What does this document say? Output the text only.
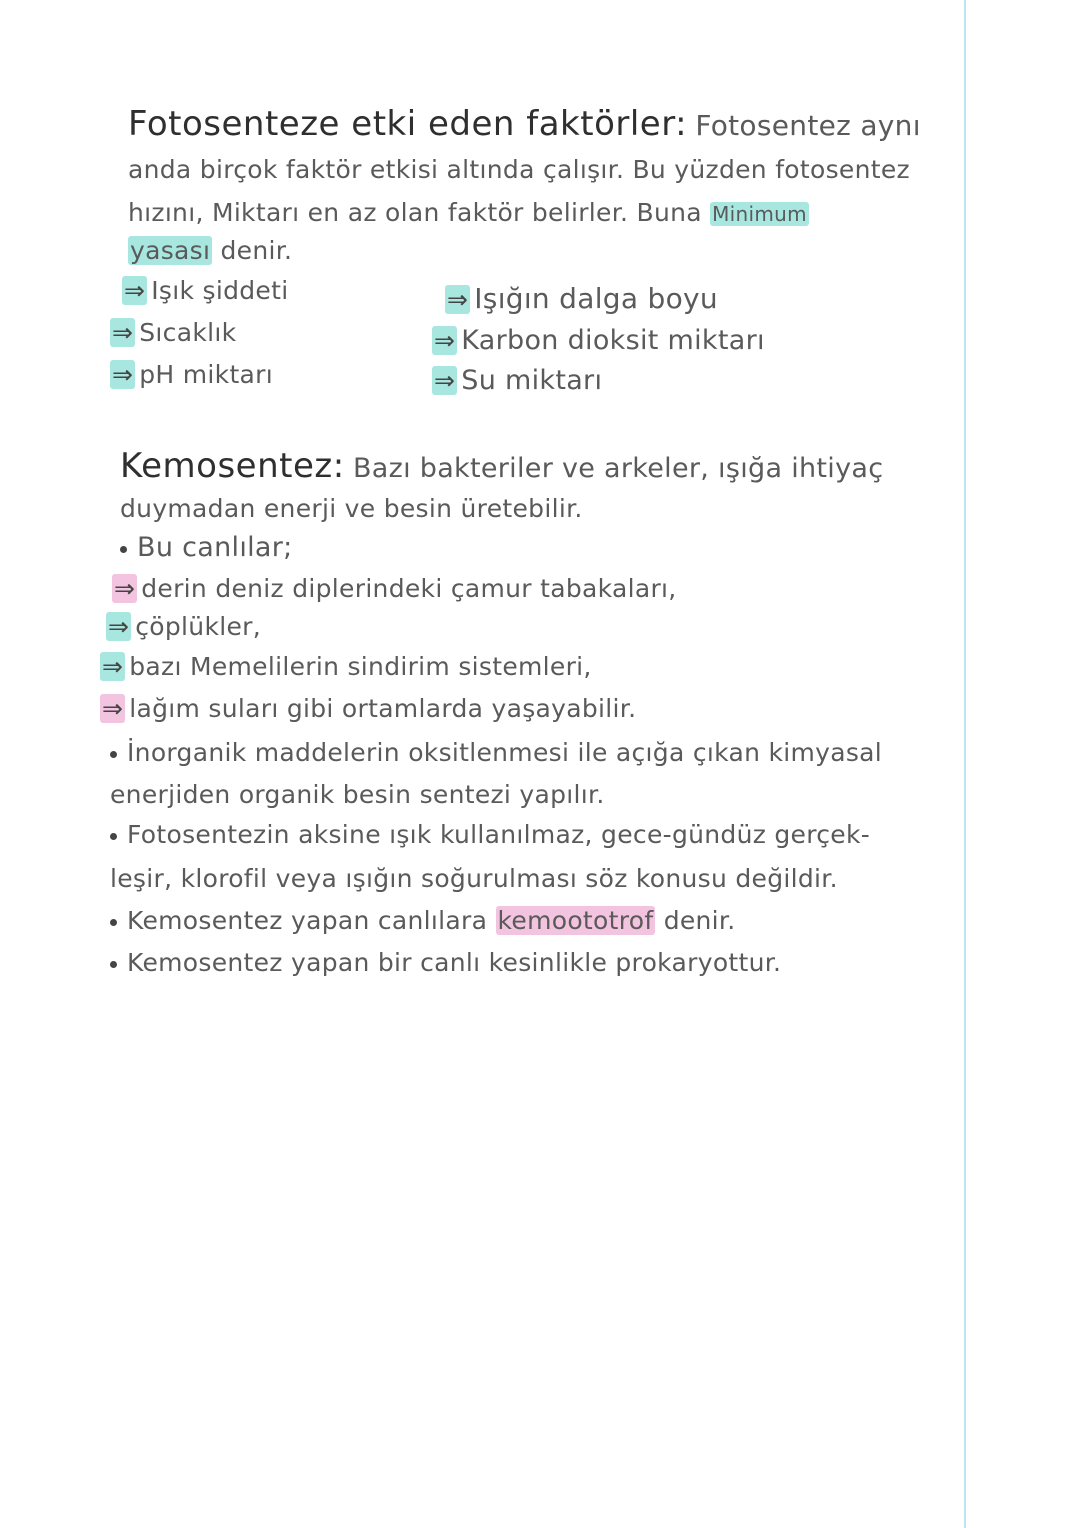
Fotosenteze etki eden faktörler: Fotosentez aynı
anda birçok faktör etkisi altında çalışır. Bu yüzden fotosentez
hızını, Miktarı en az olan faktör belirler. Buna Minimum
yasası denir.
⇒ Işık şiddeti
⇒ Sıcaklık
⇒ pH miktarı
⇒ Işığın dalga boyu
⇒ Karbon dioksit miktarı
⇒ Su miktarı
Kemosentez: Bazı bakteriler ve arkeler, ışığa ihtiyaç
duymadan enerji ve besin üretebilir.
Bu canlılar;
⇒ derin deniz diplerindeki çamur tabakaları,
⇒ çöplükler,
⇒ bazı Memelilerin sindirim sistemleri,
⇒ lağım suları gibi ortamlarda yaşayabilir.
İnorganik maddelerin oksitlenmesi ile açığa çıkan kimyasal
enerjiden organik besin sentezi yapılır.
Fotosentezin aksine ışık kullanılmaz, gece-gündüz gerçek-
leşir, klorofil veya ışığın soğurulması söz konusu değildir.
Kemosentez yapan canlılara kemoototrof denir.
Kemosentez yapan bir canlı kesinlikle prokaryottur.
